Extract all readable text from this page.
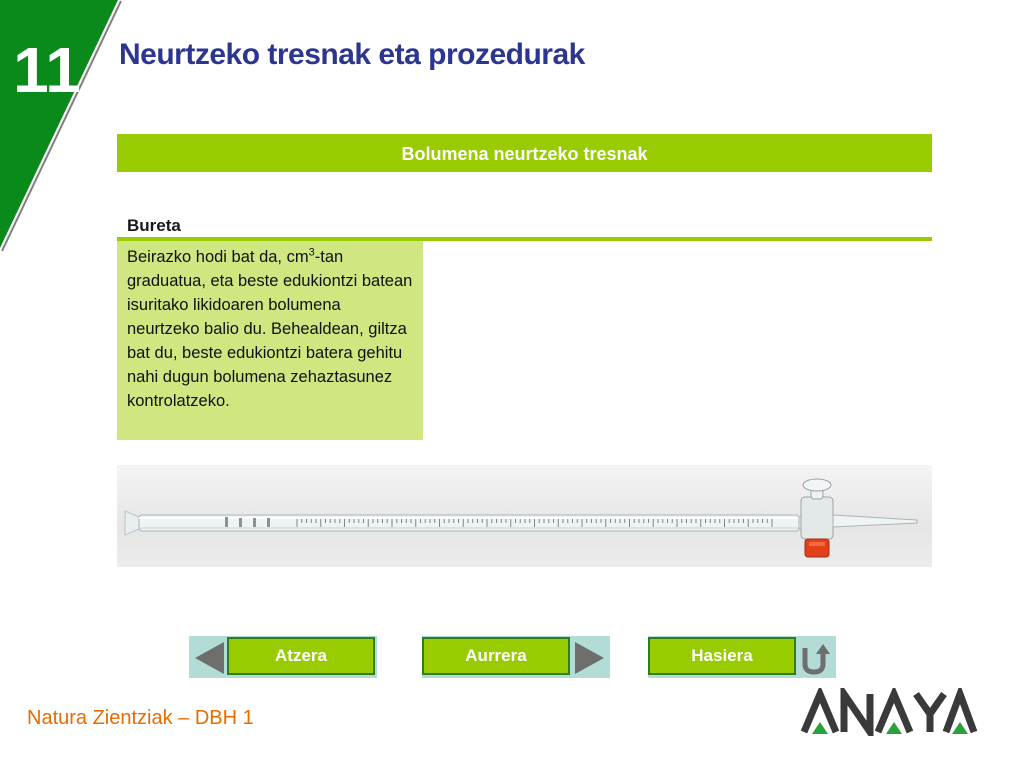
11 Neurtzeko tresnak eta prozedurak
Bolumena neurtzeko tresnak
Bureta

Beirazko hodi bat da, $cm^3-\tan$ graduatua, eta beste edukiontzi batean isuritako likidoaren bolumena neurtzeko balio du. Behealdean, giltza bat du, beste edukiontzi batera gehitu nahi dugun bolumena zehaztasunez kontrolatzeko.

Atzera	Aurrera	Hasiera
Natura Zientziak – DBH 1
